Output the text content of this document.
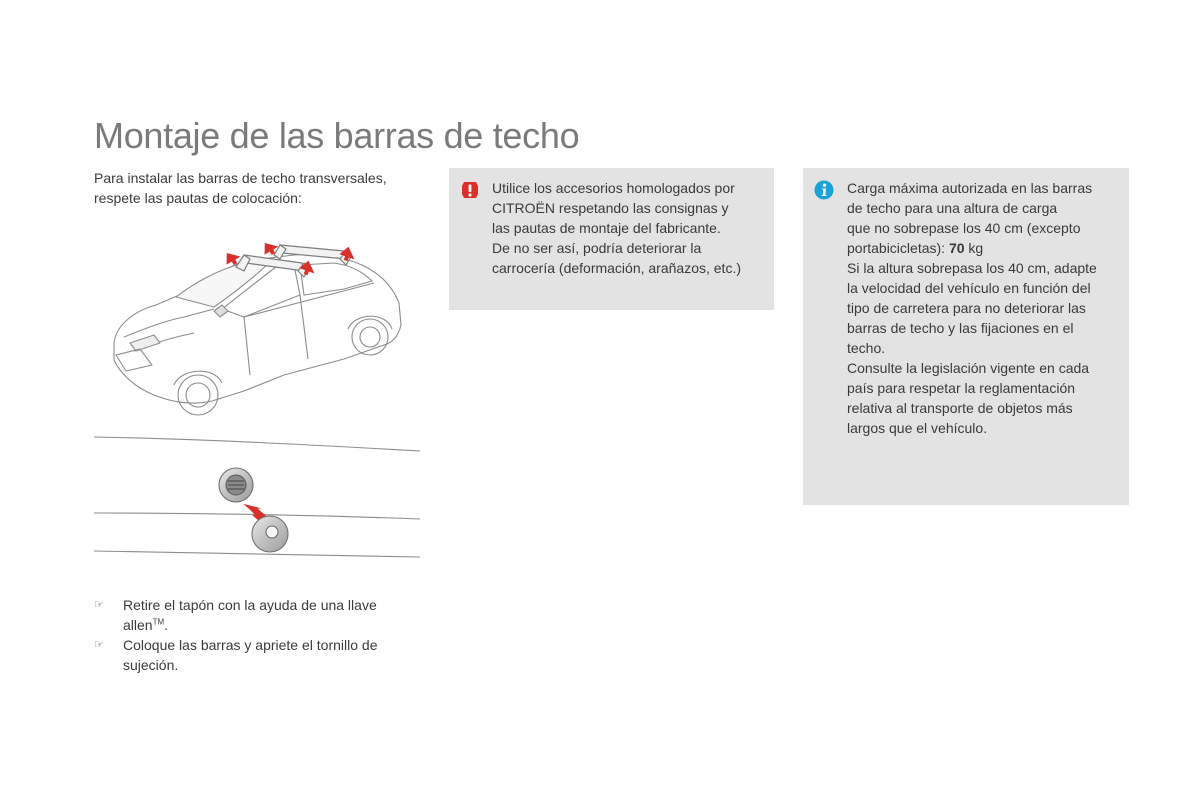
Montaje de las barras de techo

Para instalar las barras de techo transversales,
respete las pautas de colocación:

☞ Retire el tapón con la ayuda de una llave
allen™.
☞ Coloque las barras y apriete el tornillo de
sujeción.
Utilice los accesorios homologados por
CITROËN respetando las consignas y
las pautas de montaje del fabricante.
De no ser así, podría deteriorar la
carrocería (deformación, arañazos, etc.)
Carga máxima autorizada en las barras
de techo para una altura de carga
que no sobrepase los 40 cm (excepto
portabicicletas): 70 kg
Si la altura sobrepasa los 40 cm, adapte
la velocidad del vehículo en función del
tipo de carretera para no deteriorar las
barras de techo y las fijaciones en el
techo.
Consulte la legislación vigente en cada
país para respetar la reglamentación
relativa al transporte de objetos más
largos que el vehículo.
